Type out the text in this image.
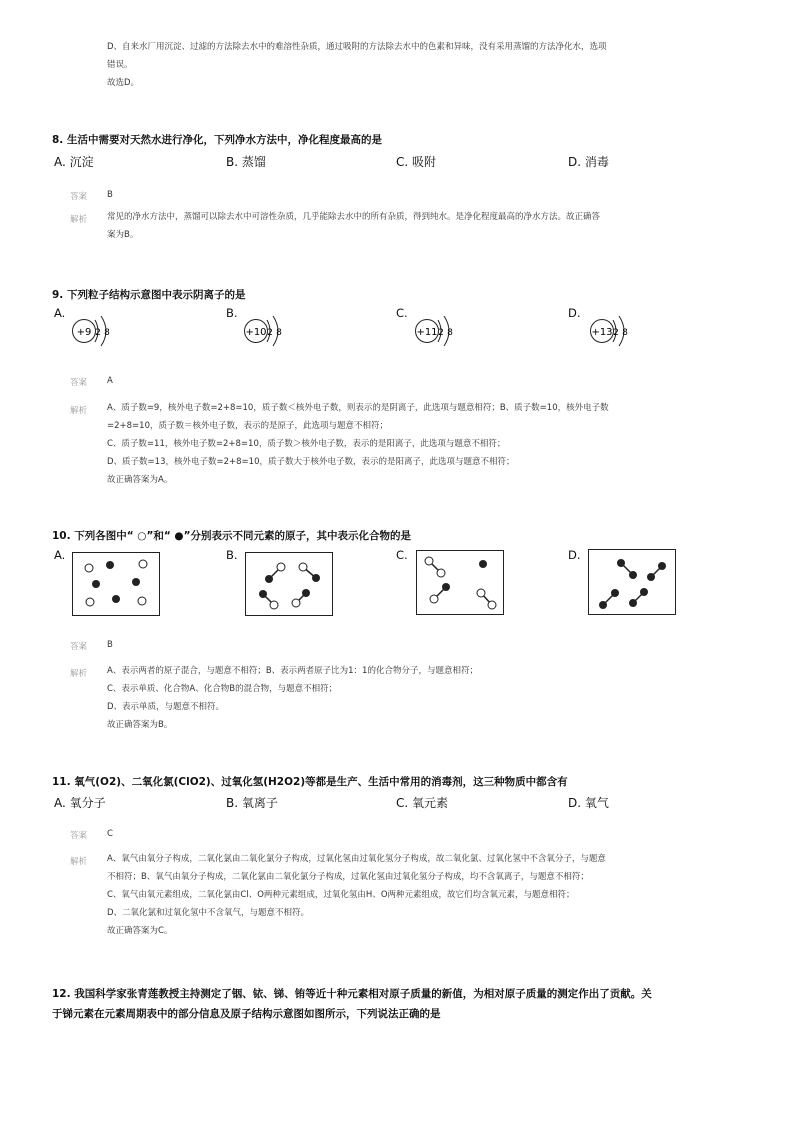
D、自来水厂用沉淀、过滤的方法除去水中的难溶性杂质，通过吸附的方法除去水中的色素和异味，没有采用蒸馏的方法净化水，选项
错误。
故选D。
8. 生活中需要对天然水进行净化，下列净水方法中，净化程度最高的是
A. 沉淀	B. 蒸馏	C. 吸附	D. 消毒
答案 B
解析 常见的净水方法中，蒸馏可以除去水中可溶性杂质，几乎能除去水中的所有杂质，得到纯水。是净化程度最高的净水方法。故正确答
案为B。
9. 下列粒子结构示意图中表示阴离子的是
A.	B.	C.	D.
+9 2 8	+10 2 8	+11 2 8	+13 2 8
答案 A
解析 A、质子数=9，核外电子数=2+8=10，质子数＜核外电子数，则表示的是阴离子，此选项与题意相符；B、质子数=10，核外电子数
=2+8=10，质子数＝核外电子数，表示的是原子，此选项与题意不相符；
C、质子数=11，核外电子数=2+8=10，质子数＞核外电子数，表示的是阳离子，此选项与题意不相符；
D、质子数=13，核外电子数=2+8=10，质子数大于核外电子数，表示的是阳离子，此选项与题意不相符；
故正确答案为A。
10. 下列各图中“ ○”和“ ●”分别表示不同元素的原子，其中表示化合物的是
A.	B.	C.	D.
答案 B
解析 A、表示两者的原子混合，与题意不相符；B、表示两者原子比为1：1的化合物分子，与题意相符；
C、表示单质、化合物A、化合物B的混合物，与题意不相符；
D、表示单质，与题意不相符。
故正确答案为B。
11. 氧气(O2)、二氧化氯(ClO2)、过氧化氢(H2O2)等都是生产、生活中常用的消毒剂，这三种物质中都含有
A. 氧分子	B. 氧离子	C. 氧元素	D. 氧气
答案 C
解析 A、氧气由氧分子构成，二氧化氯由二氧化氯分子构成，过氧化氢由过氧化氢分子构成，故二氧化氯、过氧化氢中不含氧分子，与题意
不相符；B、氧气由氧分子构成，二氧化氯由二氧化氯分子构成，过氧化氢由过氧化氢分子构成，均不含氧离子，与题意不相符；
C、氧气由氧元素组成，二氧化氯由Cl、O两种元素组成，过氧化氢由H、O两种元素组成，故它们均含氧元素，与题意相符；
D、二氧化氯和过氧化氢中不含氧气，与题意不相符。
故正确答案为C。
12. 我国科学家张青莲教授主持测定了铟、铱、锑、铕等近十种元素相对原子质量的新值，为相对原子质量的测定作出了贡献。关
于锑元素在元素周期表中的部分信息及原子结构示意图如图所示，下列说法正确的是
